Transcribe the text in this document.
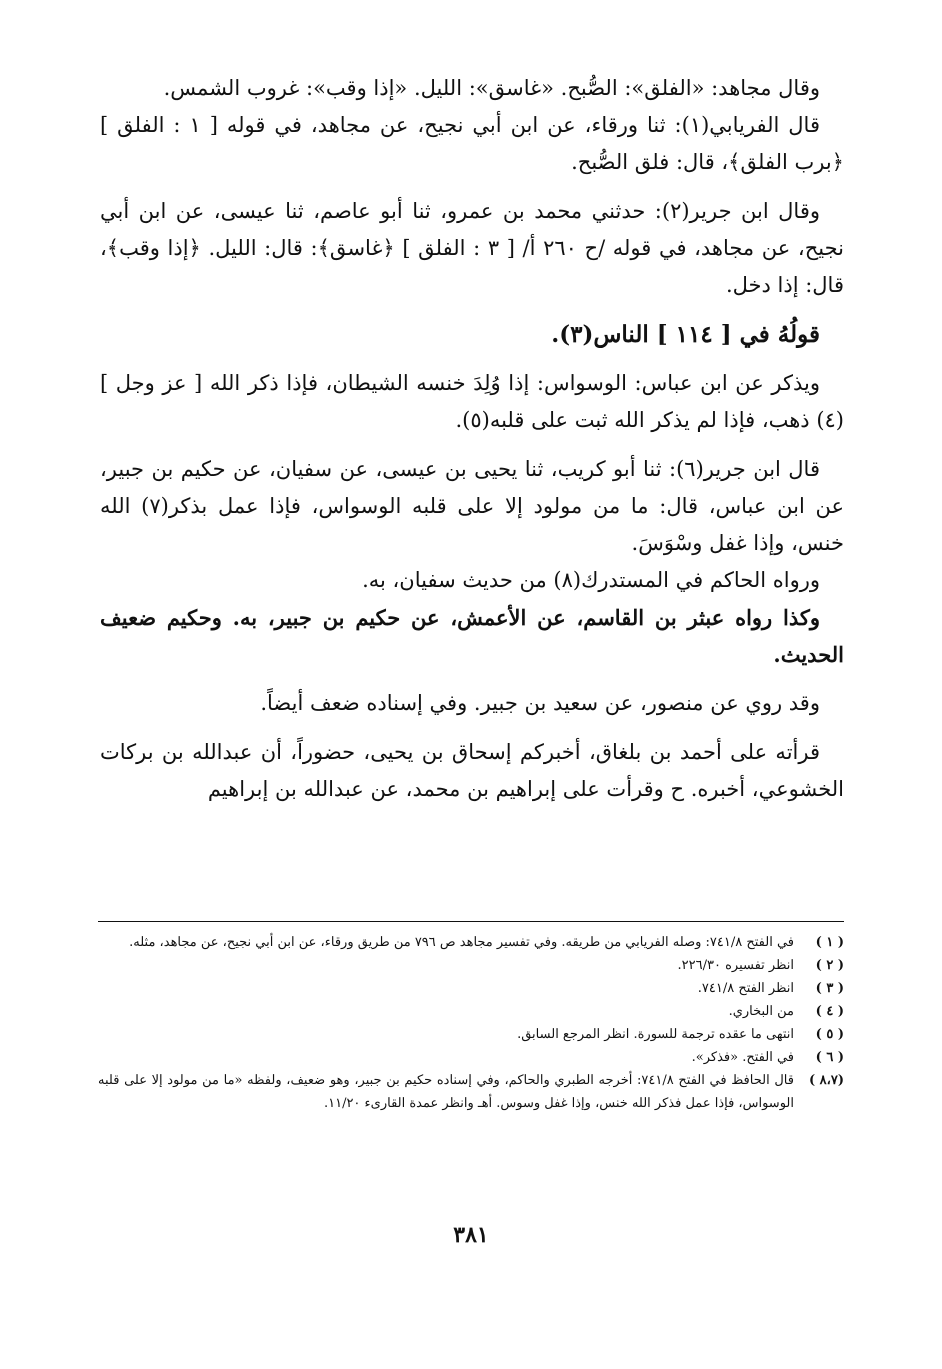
وقال مجاهد: «الفلق»: الصُّبح. «غاسق»: الليل. «إذا وقب»: غروب الشمس.

قال الفريابي(١): ثنا ورقاء، عن ابن أبي نجيح، عن مجاهد، في قوله [ ١ : الفلق ] ﴿برب الفلق﴾، قال: فلق الصُّبح.

وقال ابن جرير(٢): حدثني محمد بن عمرو، ثنا أبو عاصم، ثنا عيسى، عن ابن أبي نجيح، عن مجاهد، في قوله /ح ٢٦٠ أ/ [ ٣ : الفلق ] ﴿غاسق﴾: قال: الليل. ﴿إذا وقب﴾، قال: إذا دخل.

قولُهُ في [ ١١٤ ] الناس(٣).

ويذكر عن ابن عباس: الوسواس: إذا وُلِدَ خنسه الشيطان، فإذا ذكر الله [ عز وجل ](٤) ذهب، فإذا لم يذكر الله ثبت على قلبه(٥).

قال ابن جرير(٦): ثنا أبو كريب، ثنا يحيى بن عيسى، عن سفيان، عن حكيم بن جبير، عن ابن عباس، قال: ما من مولود إلا على قلبه الوسواس، فإذا عمل بذكر(٧) الله خنس، وإذا غفل وسْوَسَ.

ورواه الحاكم في المستدرك(٨) من حديث سفيان، به.

وكذا رواه عبثر بن القاسم، عن الأعمش، عن حكيم بن جبير، به. وحكيم ضعيف الحديث.

وقد روي عن منصور، عن سعيد بن جبير. وفي إسناده ضعف أيضاً.

قرأته على أحمد بن بلغاق، أخبركم إسحاق بن يحيى، حضوراً، أن عبدالله بن بركات الخشوعي، أخبره. ح وقرأت على إبراهيم بن محمد، عن عبدالله بن إبراهيم

( ١ )
في الفتح ٧٤١/٨: وصله الفريابي من طريقه. وفي تفسير مجاهد ص ٧٩٦ من طريق ورقاء، عن ابن أبي نجيح، عن مجاهد، مثله.
( ٢ )
انظر تفسيره ٢٢٦/٣٠.
( ٣ )
انظر الفتح ٧٤١/٨.
( ٤ )
من البخاري.
( ٥ )
انتهى ما عقده ترجمة للسورة. انظر المرجع السابق.
( ٦ )
في الفتح. «فذكر».
(٨،٧ )
قال الحافظ في الفتح ٧٤١/٨: أخرجه الطبري والحاكم، وفي إسناده حكيم بن جبير، وهو ضعيف، ولفظه «ما من مولود إلا على قلبه الوسواس، فإذا عمل فذكر الله خنس، وإذا غفل وسوس. أهـ وانظر عمدة القارىء ١١/٢٠.
٣٨١
